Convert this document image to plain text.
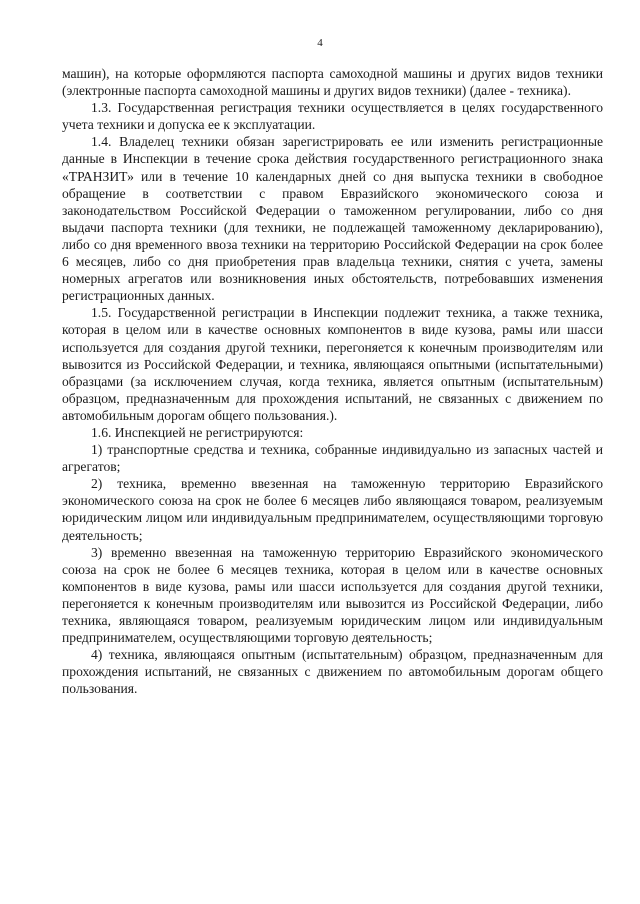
4

машин), на которые оформляются паспорта самоходной машины и других видов техники (электронные паспорта самоходной машины и других видов техники) (далее - техника).

1.3. Государственная регистрация техники осуществляется в целях государственного учета техники и допуска ее к эксплуатации.

1.4. Владелец техники обязан зарегистрировать ее или изменить регистрационные данные в Инспекции в течение срока действия государственного регистрационного знака «ТРАНЗИТ» или в течение 10 календарных дней со дня выпуска техники в свободное обращение в соответствии с правом Евразийского экономического союза и законодательством Российской Федерации о таможенном регулировании, либо со дня выдачи паспорта техники (для техники, не подлежащей таможенному декларированию), либо со дня временного ввоза техники на территорию Российской Федерации на срок более 6 месяцев, либо со дня приобретения прав владельца техники, снятия с учета, замены номерных агрегатов или возникновения иных обстоятельств, потребовавших изменения регистрационных данных.

1.5. Государственной регистрации в Инспекции подлежит техника, а также техника, которая в целом или в качестве основных компонентов в виде кузова, рамы или шасси используется для создания другой техники, перегоняется к конечным производителям или вывозится из Российской Федерации, и техника, являющаяся опытными (испытательными) образцами (за исключением случая, когда техника, является опытным (испытательным) образцом, предназначенным для прохождения испытаний, не связанных с движением по автомобильным дорогам общего пользования.).

1.6. Инспекцией не регистрируются:

1) транспортные средства и техника, собранные индивидуально из запасных частей и агрегатов;

2) техника, временно ввезенная на таможенную территорию Евразийского экономического союза на срок не более 6 месяцев либо являющаяся товаром, реализуемым юридическим лицом или индивидуальным предпринимателем, осуществляющими торговую деятельность;

3) временно ввезенная на таможенную территорию Евразийского экономического союза на срок не более 6 месяцев техника, которая в целом или в качестве основных компонентов в виде кузова, рамы или шасси используется для создания другой техники, перегоняется к конечным производителям или вывозится из Российской Федерации, либо техника, являющаяся товаром, реализуемым юридическим лицом или индивидуальным предпринимателем, осуществляющими торговую деятельность;

4) техника, являющаяся опытным (испытательным) образцом, предназначенным для прохождения испытаний, не связанных с движением по автомобильным дорогам общего пользования.
